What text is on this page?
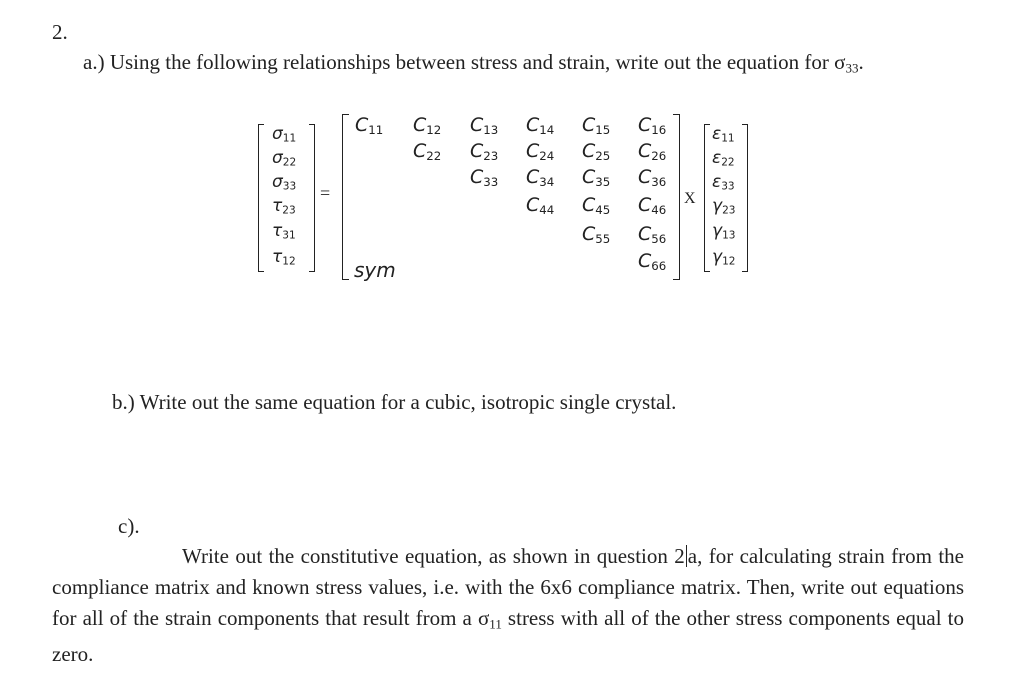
2.
a.) Using the following relationships between stress and strain, write out the equation for $\sigma_{33}$.
$\sigma_{11}$
$\sigma_{22}$
$\sigma_{33}$
$\tau_{23}$
$\tau_{31}$
$\tau_{12}$
=
$C_{11}$ $C_{12}$ $C_{13}$ $C_{14}$ $C_{15}$ $C_{16}$
$C_{22}$ $C_{23}$ $C_{24}$ $C_{25}$ $C_{26}$
$C_{33}$ $C_{34}$ $C_{35}$ $C_{36}$
$C_{44}$ $C_{45}$ $C_{46}$
$C_{55}$ $C_{56}$
$C_{66}$
sym
X
$\varepsilon_{11}$
$\varepsilon_{22}$
$\varepsilon_{33}$
$\gamma_{23}$
$\gamma_{13}$
$\gamma_{12}$
b.) Write out the same equation for a cubic, isotropic single crystal.
c).
Write out the constitutive equation, as shown in question 2 a, for calculating strain from the compliance matrix and known stress values, i.e. with the 6x6 compliance matrix. Then, write out equations for all of the strain components that result from a $\sigma_{11}$ stress with all of the other stress components equal to zero.
